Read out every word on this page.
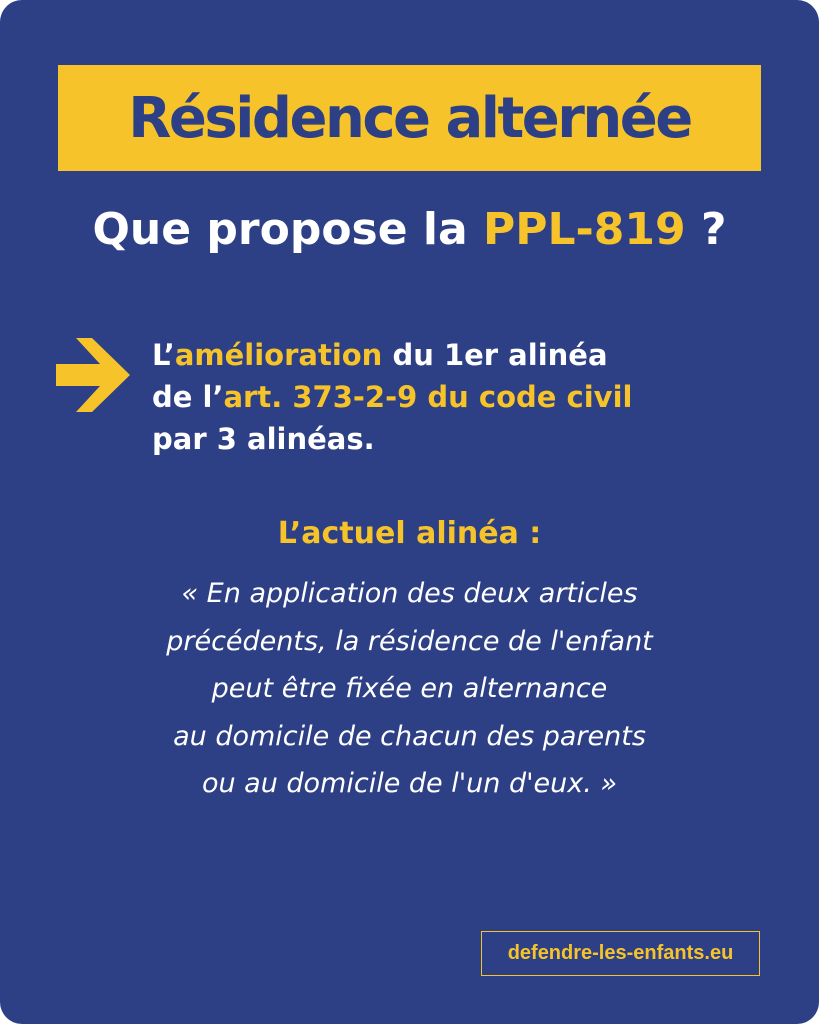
Résidence alternée
Que propose la PPL-819 ?
L’amélioration du 1er alinéa
de l’art. 373-2-9 du code civil
par 3 alinéas.
L’actuel alinéa :
« En application des deux articles
précédents, la résidence de l'enfant
peut être fixée en alternance
au domicile de chacun des parents
ou au domicile de l'un d'eux. »
defendre-les-enfants.eu
